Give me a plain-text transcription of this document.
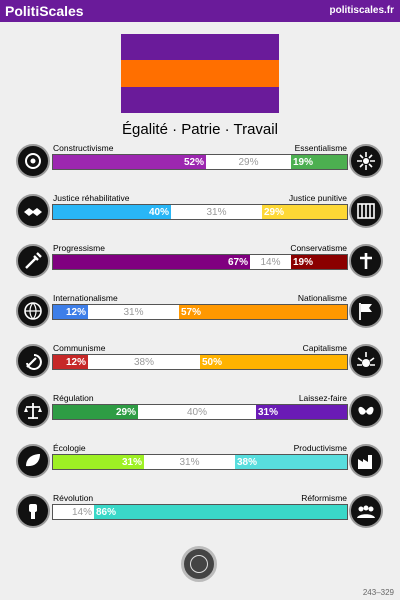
PolitiScales	politiscales.fr
Égalité · Patrie · Travail
Constructivisme	Essentialisme
52%	29%	19%
Justice réhabilitative	Justice punitive
40%	31%	29%
Progressisme	Conservatisme
67%	14%	19%
Internationalisme	Nationalisme
12%	31%	57%
Communisme	Capitalisme
12%	38%	50%
Régulation	Laissez-faire
29%	40%	31%
Écologie	Productivisme
31%	31%	38%
Révolution	Réformisme
14% 86%
243–329
